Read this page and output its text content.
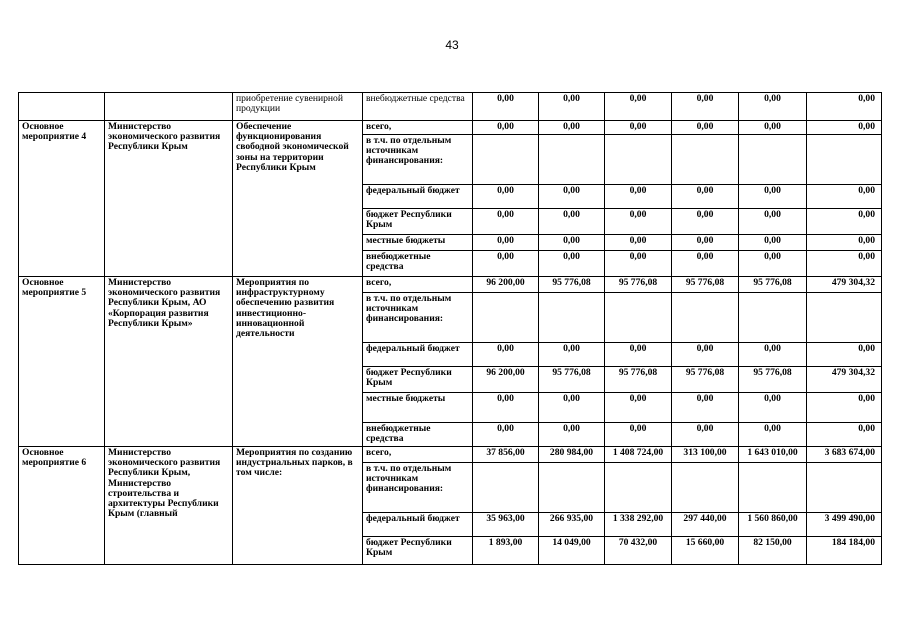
43
		приобретение сувенирной продукции	внебюджетные средства	0,00	0,00	0,00	0,00	0,00	0,00
Основное мероприятие 4	Министерство экономического развития Республики Крым	Обеспечение функционирования свободной экономической зоны на территории Республики Крым	всего,	0,00	0,00	0,00	0,00	0,00	0,00
			в т.ч. по отдельным источникам финансирования:						
			федеральный бюджет	0,00	0,00	0,00	0,00	0,00	0,00
			бюджет Республики Крым	0,00	0,00	0,00	0,00	0,00	0,00
			местные бюджеты	0,00	0,00	0,00	0,00	0,00	0,00
			внебюджетные средства	0,00	0,00	0,00	0,00	0,00	0,00
Основное мероприятие 5	Министерство экономического развития Республики Крым, АО «Корпорация развития Республики Крым»	Мероприятия по инфраструктурному обеспечению развития инвестиционно-инновационной деятельности	всего,	96 200,00	95 776,08	95 776,08	95 776,08	95 776,08	479 304,32
			в т.ч. по отдельным источникам финансирования:						
			федеральный бюджет	0,00	0,00	0,00	0,00	0,00	0,00
			бюджет Республики Крым	96 200,00	95 776,08	95 776,08	95 776,08	95 776,08	479 304,32
			местные бюджеты	0,00	0,00	0,00	0,00	0,00	0,00
			внебюджетные средства	0,00	0,00	0,00	0,00	0,00	0,00
Основное мероприятие 6	Министерство экономического развития Республики Крым, Министерство строительства и архитектуры Республики Крым (главный	Мероприятия по созданию индустриальных парков, в том числе:	всего,	37 856,00	280 984,00	1 408 724,00	313 100,00	1 643 010,00	3 683 674,00
			в т.ч. по отдельным источникам финансирования:						
			федеральный бюджет	35 963,00	266 935,00	1 338 292,00	297 440,00	1 560 860,00	3 499 490,00
			бюджет Республики Крым	1 893,00	14 049,00	70 432,00	15 660,00	82 150,00	184 184,00
